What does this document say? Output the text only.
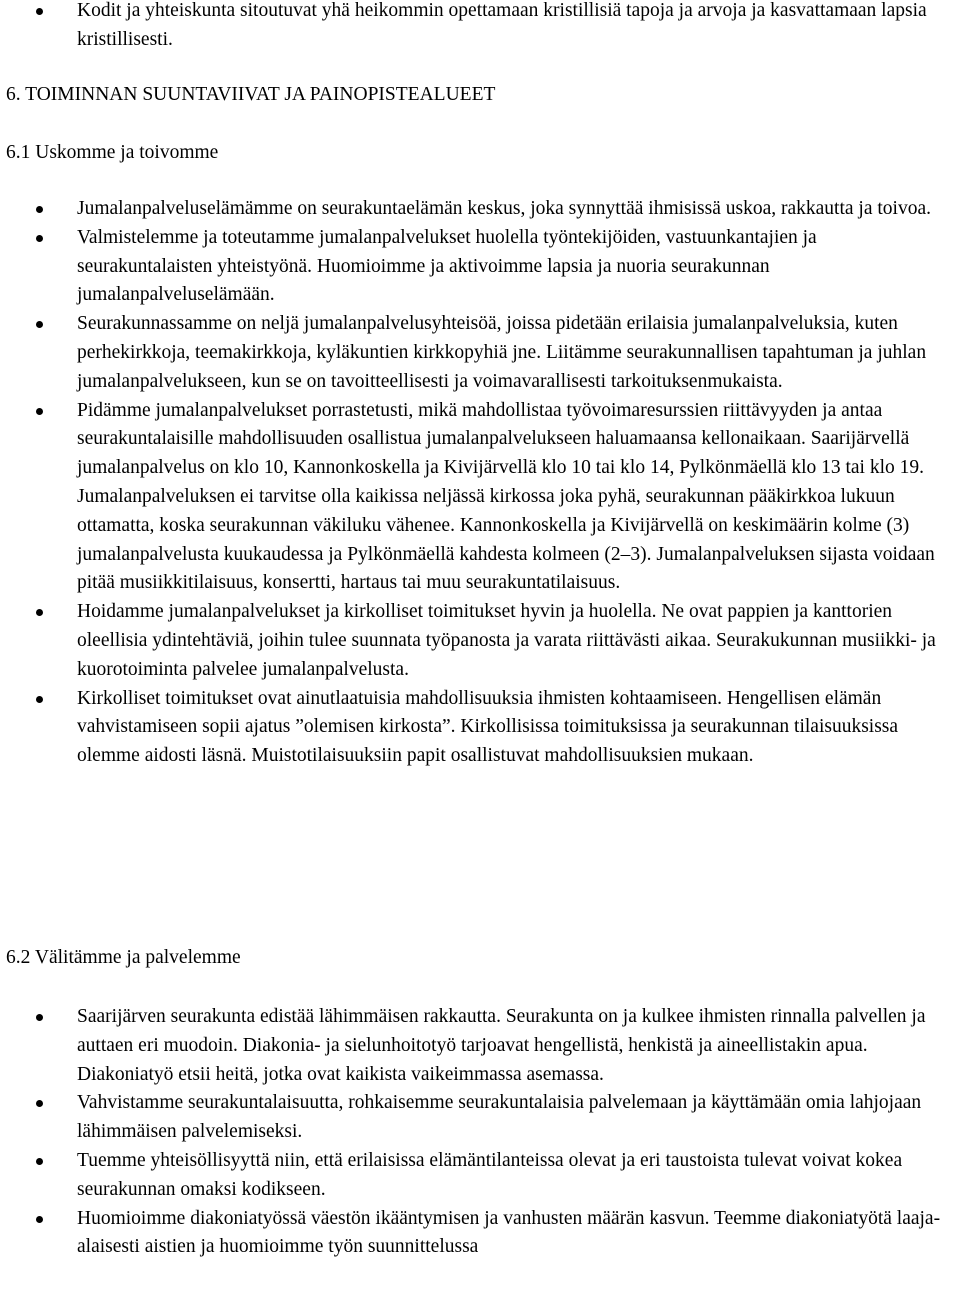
Kodit ja yhteiskunta sitoutuvat yhä heikommin opettamaan kristillisiä tapoja ja arvoja ja kasvattamaan lapsia kristillisesti.
6. TOIMINNAN SUUNTAVIIVAT JA PAINOPISTEALUEET
6.1 Uskomme ja toivomme
Jumalanpalveluselämämme on seurakuntaelämän keskus, joka synnyttää ihmisissä uskoa, rakkautta ja toivoa.
Valmistelemme ja toteutamme jumalanpalvelukset huolella työntekijöiden, vastuunkantajien ja seurakuntalaisten yhteistyönä. Huomioimme ja aktivoimme lapsia ja nuoria seurakunnan jumalanpalveluselämään.
Seurakunnassamme on neljä jumalanpalvelusyhteisöä, joissa pidetään erilaisia jumalanpalveluksia, kuten perhekirkkoja, teemakirkkoja, kyläkuntien kirkkopyhiä jne. Liitämme seurakunnallisen tapahtuman ja juhlan jumalanpalvelukseen, kun se on tavoitteellisesti ja voimavarallisesti tarkoituksenmukaista.
Pidämme jumalanpalvelukset porrastetusti, mikä mahdollistaa työvoimaresurssien riittävyyden ja antaa seurakuntalaisille mahdollisuuden osallistua jumalanpalvelukseen haluamaansa kellonaikaan. Saarijärvellä jumalanpalvelus on klo 10, Kannonkoskella ja Kivijärvellä klo 10 tai klo 14, Pylkönmäellä klo 13 tai klo 19. Jumalanpalveluksen ei tarvitse olla kaikissa neljässä kirkossa joka pyhä, seurakunnan pääkirkkoa lukuun ottamatta, koska seurakunnan väkiluku vähenee. Kannonkoskella ja Kivijärvellä on keskimäärin kolme (3) jumalanpalvelusta kuukaudessa ja Pylkönmäellä kahdesta kolmeen (2–3). Jumalanpalveluksen sijasta voidaan pitää musiikkitilaisuus, konsertti, hartaus tai muu seurakuntatilaisuus.
Hoidamme jumalanpalvelukset ja kirkolliset toimitukset hyvin ja huolella. Ne ovat pappien ja kanttorien oleellisia ydintehtäviä, joihin tulee suunnata työpanosta ja varata riittävästi aikaa. Seurakukunnan musiikki- ja kuorotoiminta palvelee jumalanpalvelusta.
Kirkolliset toimitukset ovat ainutlaatuisia mahdollisuuksia ihmisten kohtaamiseen. Hengellisen elämän vahvistamiseen sopii ajatus ”olemisen kirkosta”. Kirkollisissa toimituksissa ja seurakunnan tilaisuuksissa olemme aidosti läsnä. Muistotilaisuuksiin papit osallistuvat mahdollisuuksien mukaan.
6.2 Välitämme ja palvelemme
Saarijärven seurakunta edistää lähimmäisen rakkautta. Seurakunta on ja kulkee ihmisten rinnalla palvellen ja auttaen eri muodoin. Diakonia- ja sielunhoitotyö tarjoavat hengellistä, henkistä ja aineellistakin apua. Diakoniatyö etsii heitä, jotka ovat kaikista vaikeimmassa asemassa.
Vahvistamme seurakuntalaisuutta, rohkaisemme seurakuntalaisia palvelemaan ja käyttämään omia lahjojaan lähimmäisen palvelemiseksi.
Tuemme yhteisöllisyyttä niin, että erilaisissa elämäntilanteissa olevat ja eri taustoista tulevat voivat kokea seurakunnan omaksi kodikseen.
Huomioimme diakoniatyössä väestön ikääntymisen ja vanhusten määrän kasvun. Teemme diakoniatyötä laaja-alaisesti aistien ja huomioimme työn suunnittelussa
